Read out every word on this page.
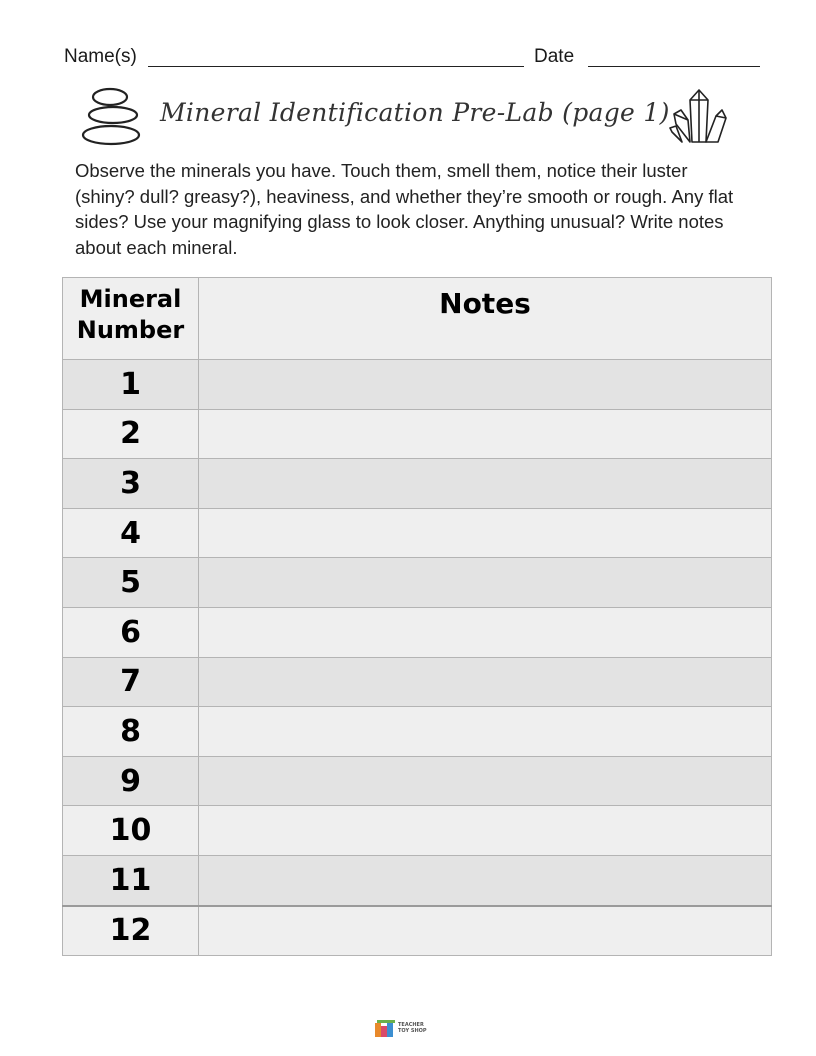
Name(s)	Date
Mineral Identification Pre-Lab (page 1)
Observe the minerals you have. Touch them, smell them, notice their luster (shiny? dull? greasy?), heaviness, and whether they’re smooth or rough. Any flat sides? Use your magnifying glass to look closer. Anything unusual? Write notes about each mineral.
Mineral
Number	Notes
1	
2	
3	
4	
5	
6	
7	
8	
9	
10	
11	
12	
TEACHER
TOY SHOP
